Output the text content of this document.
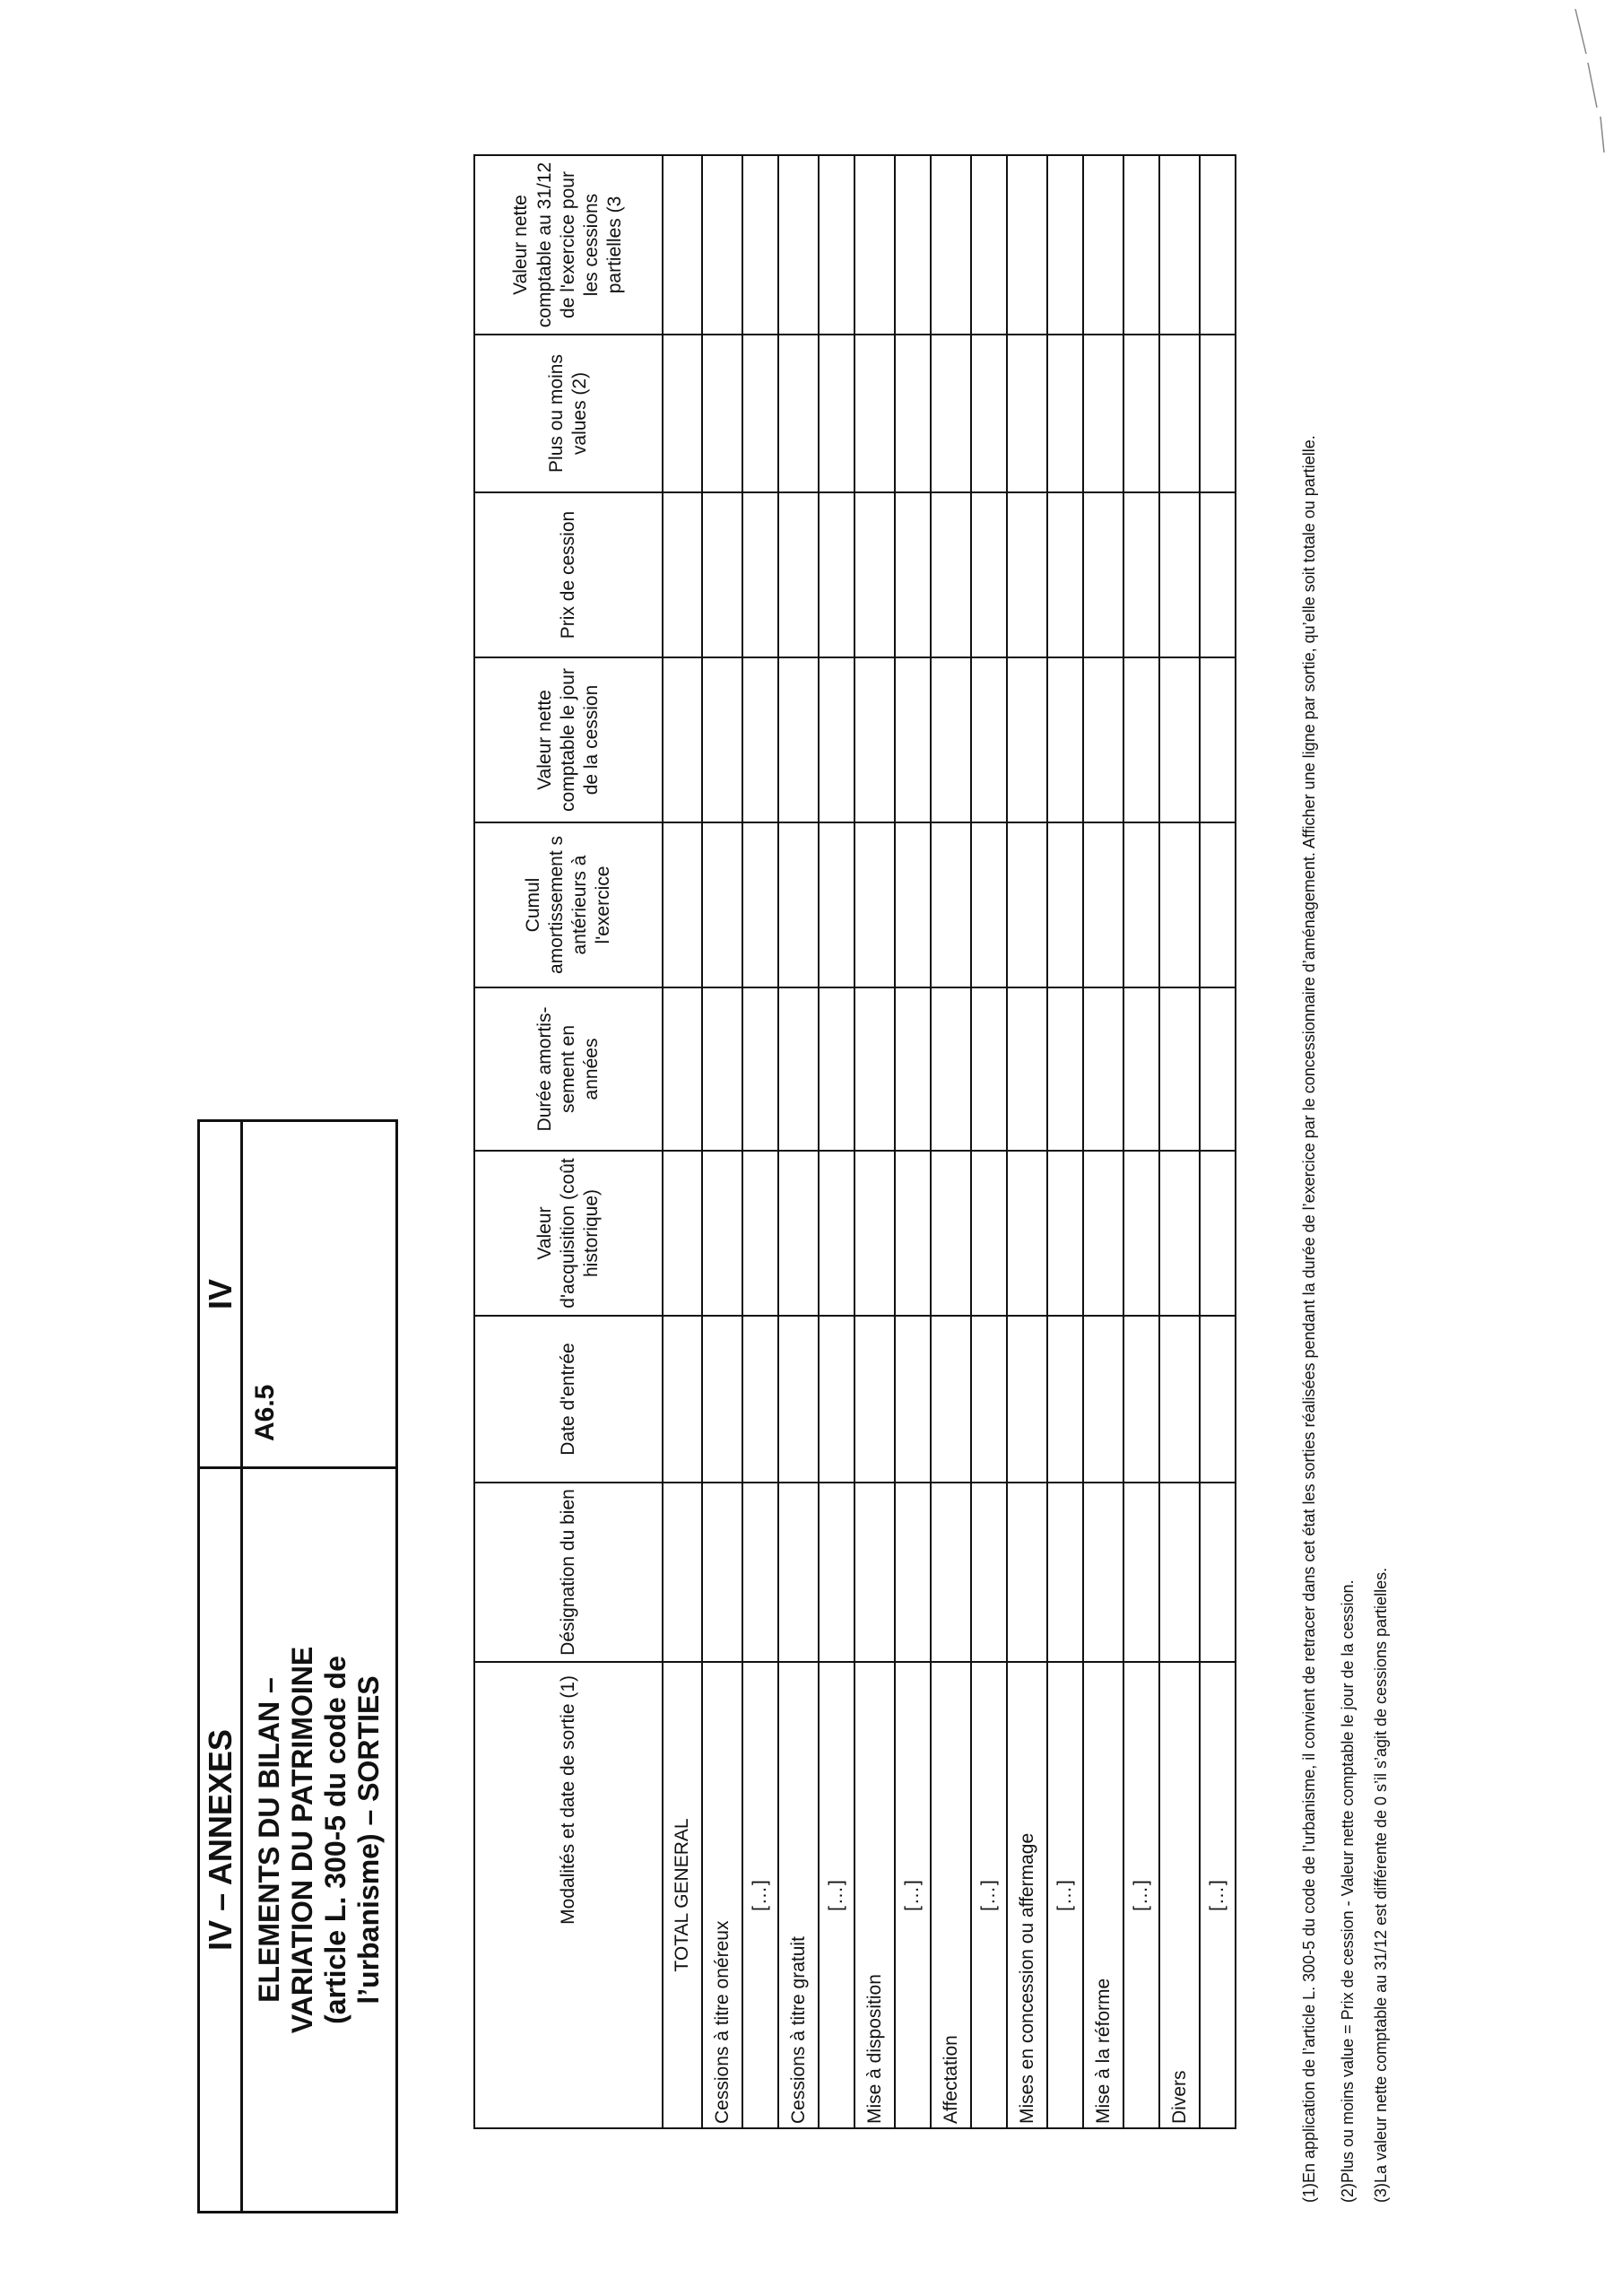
IV – ANNEXES
IV
ELEMENTS DU BILAN – VARIATION DU PATRIMOINE (article L. 300-5 du code de l’urbanisme) – SORTIES
A6.5
Modalités et date de sortie (1)	Désignation du bien	Date d'entrée	Valeur d'acquisition (coût historique)	Durée amortis-sement en années	Cumul amortissement s antérieurs à l'exercice	Valeur nette comptable le jour de la cession	Prix de cession	Plus ou moins values (2)	Valeur nette comptable au 31/12 de l'exercice pour les cessions partielles (3
TOTAL GENERAL									
Cessions à titre onéreux									
[…]									
Cessions à titre gratuit									
[…]									
Mise à disposition									
[…]									
Affectation									
[…]									
Mises en concession ou affermage									
[…]									
Mise à la réforme									
[…]									
Divers									
[…]										(1)En application de l’article L. 300-5 du code de l’urbanisme, il convient de retracer dans cet état les sorties réalisées pendant la durée de l’exercice par le concessionnaire d’aménagement. Afficher une ligne par sortie, qu’elle soit totale ou partielle. (2)Plus ou moins value = Prix de cession - Valeur nette comptable le jour de la cession. (3)La valeur nette comptable au 31/12 est différente de 0 s’il s’agit de cessions partielles.
